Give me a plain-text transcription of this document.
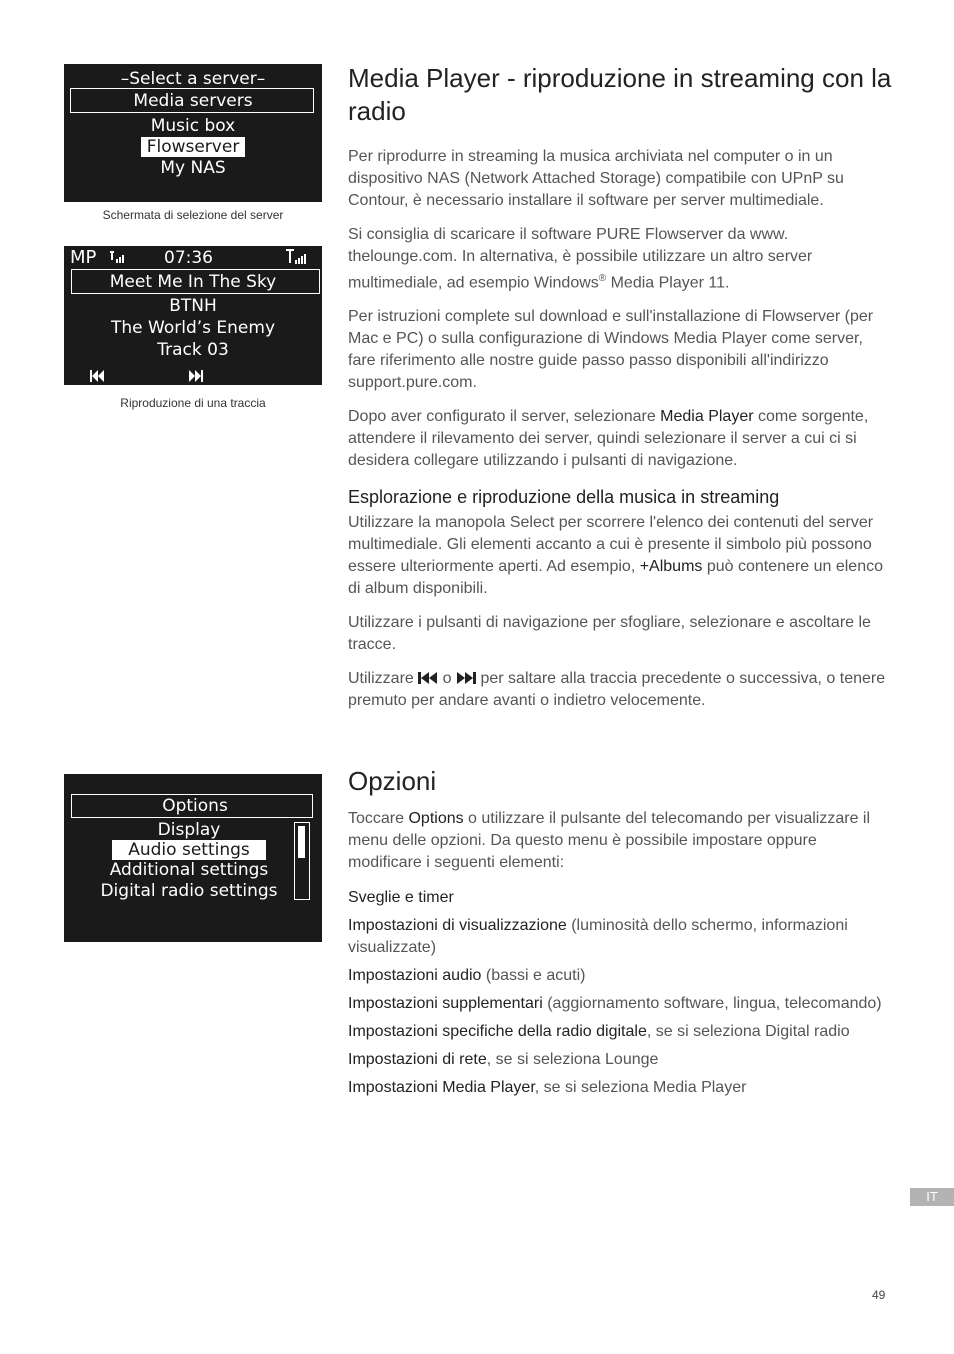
–Select a server–
Media servers
Music box
Flowserver
My NAS
Schermata di selezione del server
MP	07:36
Meet Me In The Sky
BTNH
The World’s Enemy
Track 03
Riproduzione di una traccia
Options
Display
Audio settings
Additional settings
Digital radio settings
Media Player - riproduzione in streaming con la radio

Per riprodurre in streaming la musica archiviata nel computer o in un dispositivo NAS (Network Attached Storage) compatibile con UPnP su Contour, è necessario installare il software per server multimediale.

Si consiglia di scaricare il software PURE Flowserver da www. thelounge.com. In alternativa, è possibile utilizzare un altro server multimediale, ad esempio Windows® Media Player 11.

Per istruzioni complete sul download e sull'installazione di Flowserver (per Mac e PC) o sulla configurazione di Windows Media Player come server, fare riferimento alle nostre guide passo passo disponibili all'indirizzo support.pure.com.

Dopo aver configurato il server, selezionare Media Player come sorgente, attendere il rilevamento dei server, quindi selezionare il server a cui ci si desidera collegare utilizzando i pulsanti di navigazione.

Esplorazione e riproduzione della musica in streaming

Utilizzare la manopola Select per scorrere l'elenco dei contenuti del server multimediale. Gli elementi accanto a cui è presente il simbolo più possono essere ulteriormente aperti. Ad esempio, +Albums può contenere un elenco di album disponibili.

Utilizzare i pulsanti di navigazione per sfogliare, selezionare e ascoltare le tracce.

Utilizzare  o  per saltare alla traccia precedente o successiva, o tenere premuto per andare avanti o indietro velocemente.

Opzioni

Toccare Options o utilizzare il pulsante del telecomando per visualizzare il menu delle opzioni. Da questo menu è possibile impostare oppure modificare i seguenti elementi:

Sveglie e timer

Impostazioni di visualizzazione (luminosità dello schermo, informazioni visualizzate)

Impostazioni audio (bassi e acuti)

Impostazioni supplementari (aggiornamento software, lingua, telecomando)

Impostazioni specifiche della radio digitale, se si seleziona Digital radio

Impostazioni di rete, se si seleziona Lounge

Impostazioni Media Player, se si seleziona Media Player

IT
49
